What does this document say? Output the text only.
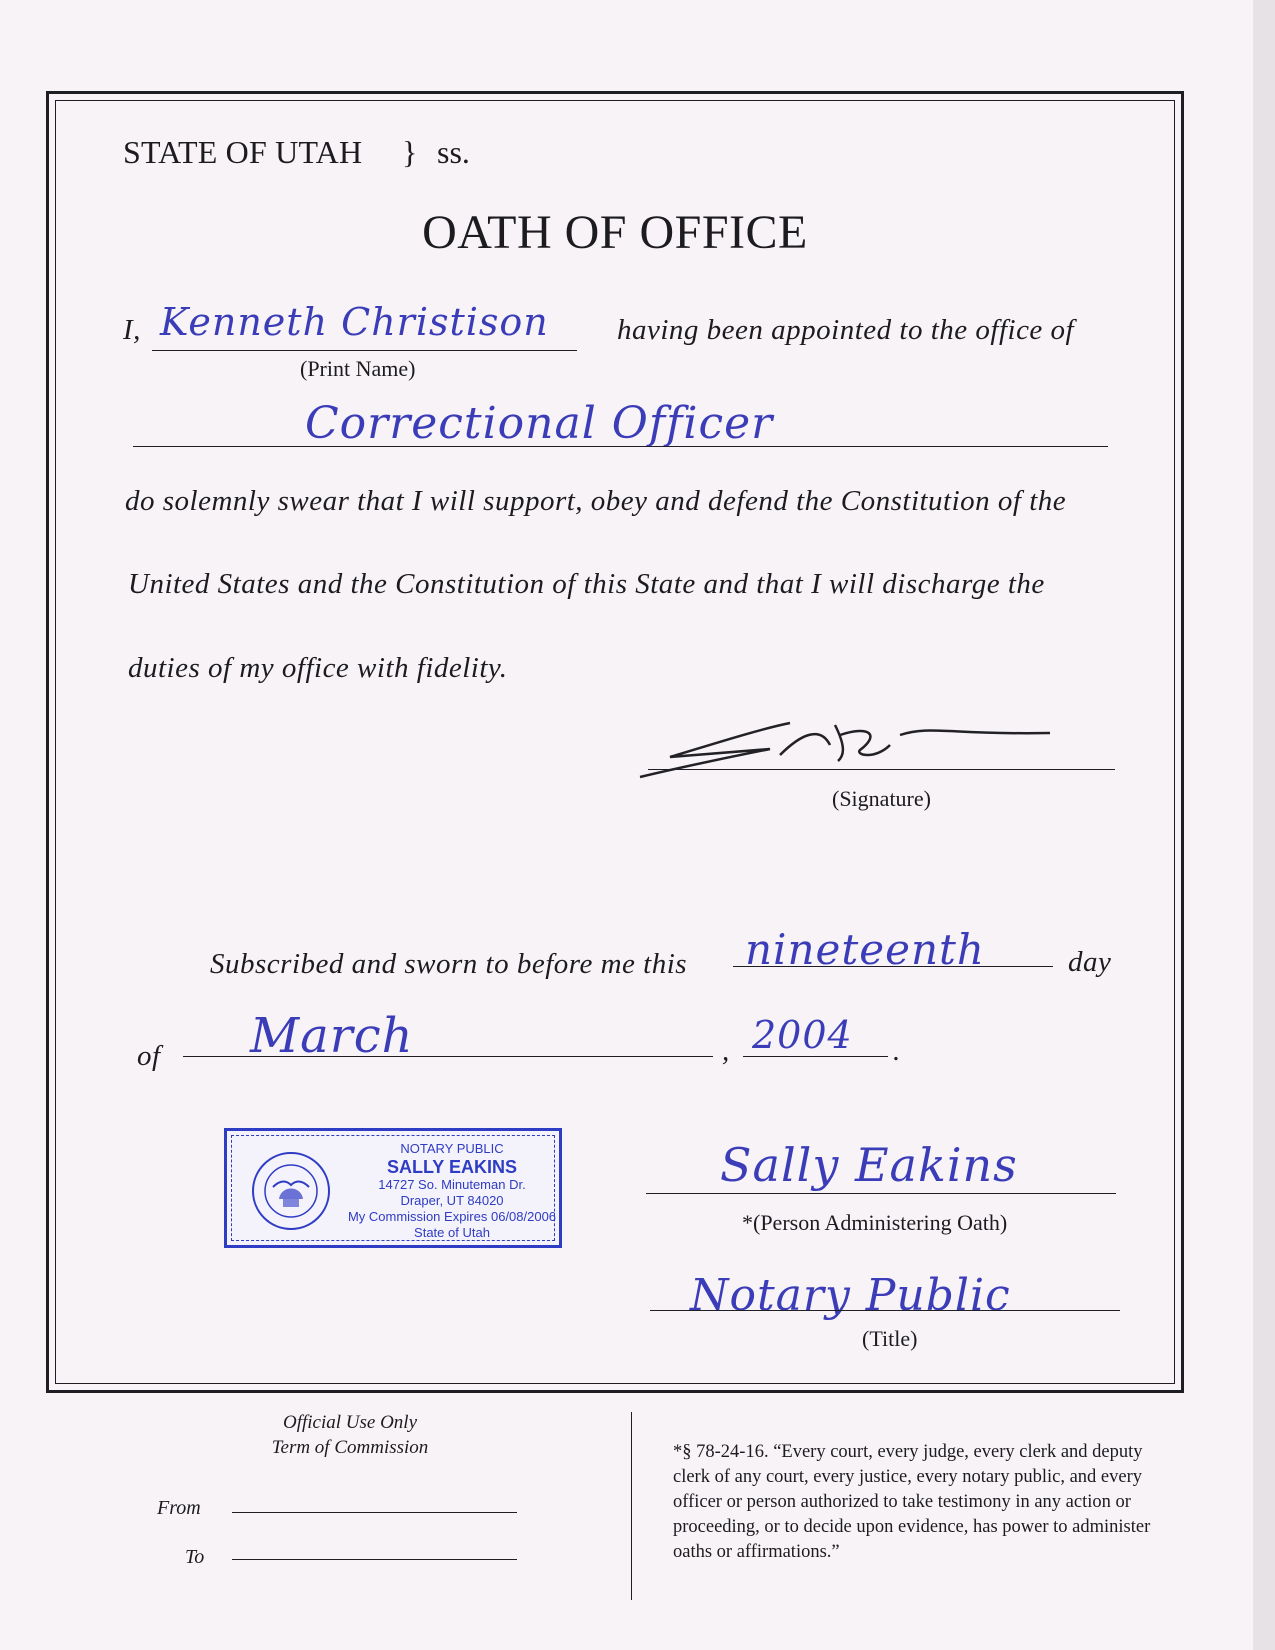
STATE OF UTAH } ss.
OATH OF OFFICE
I, Kenneth Christison
(Print Name)
having been appointed to the office of
Correctional Officer
do solemnly swear that I will support, obey and defend the Constitution of the
United States and the Constitution of this State and that I will discharge the
duties of my office with fidelity.
(Signature)
Subscribed and sworn to before me this nineteenth	day
of March	, 2004 .
NOTARY PUBLIC
SALLY EAKINS
14727 So. Minuteman Dr.
Draper, UT 84020
My Commission Expires 06/08/2006
State of Utah
Sally Eakins
*(Person Administering Oath)
Notary Public
(Title)
Official Use Only
Term of Commission
From
To
*§ 78-24-16. “Every court, every judge, every clerk and deputy clerk of any court, every justice, every notary public, and every officer or person authorized to take testimony in any action or proceeding, or to decide upon evidence, has power to administer oaths or affirmations.”
